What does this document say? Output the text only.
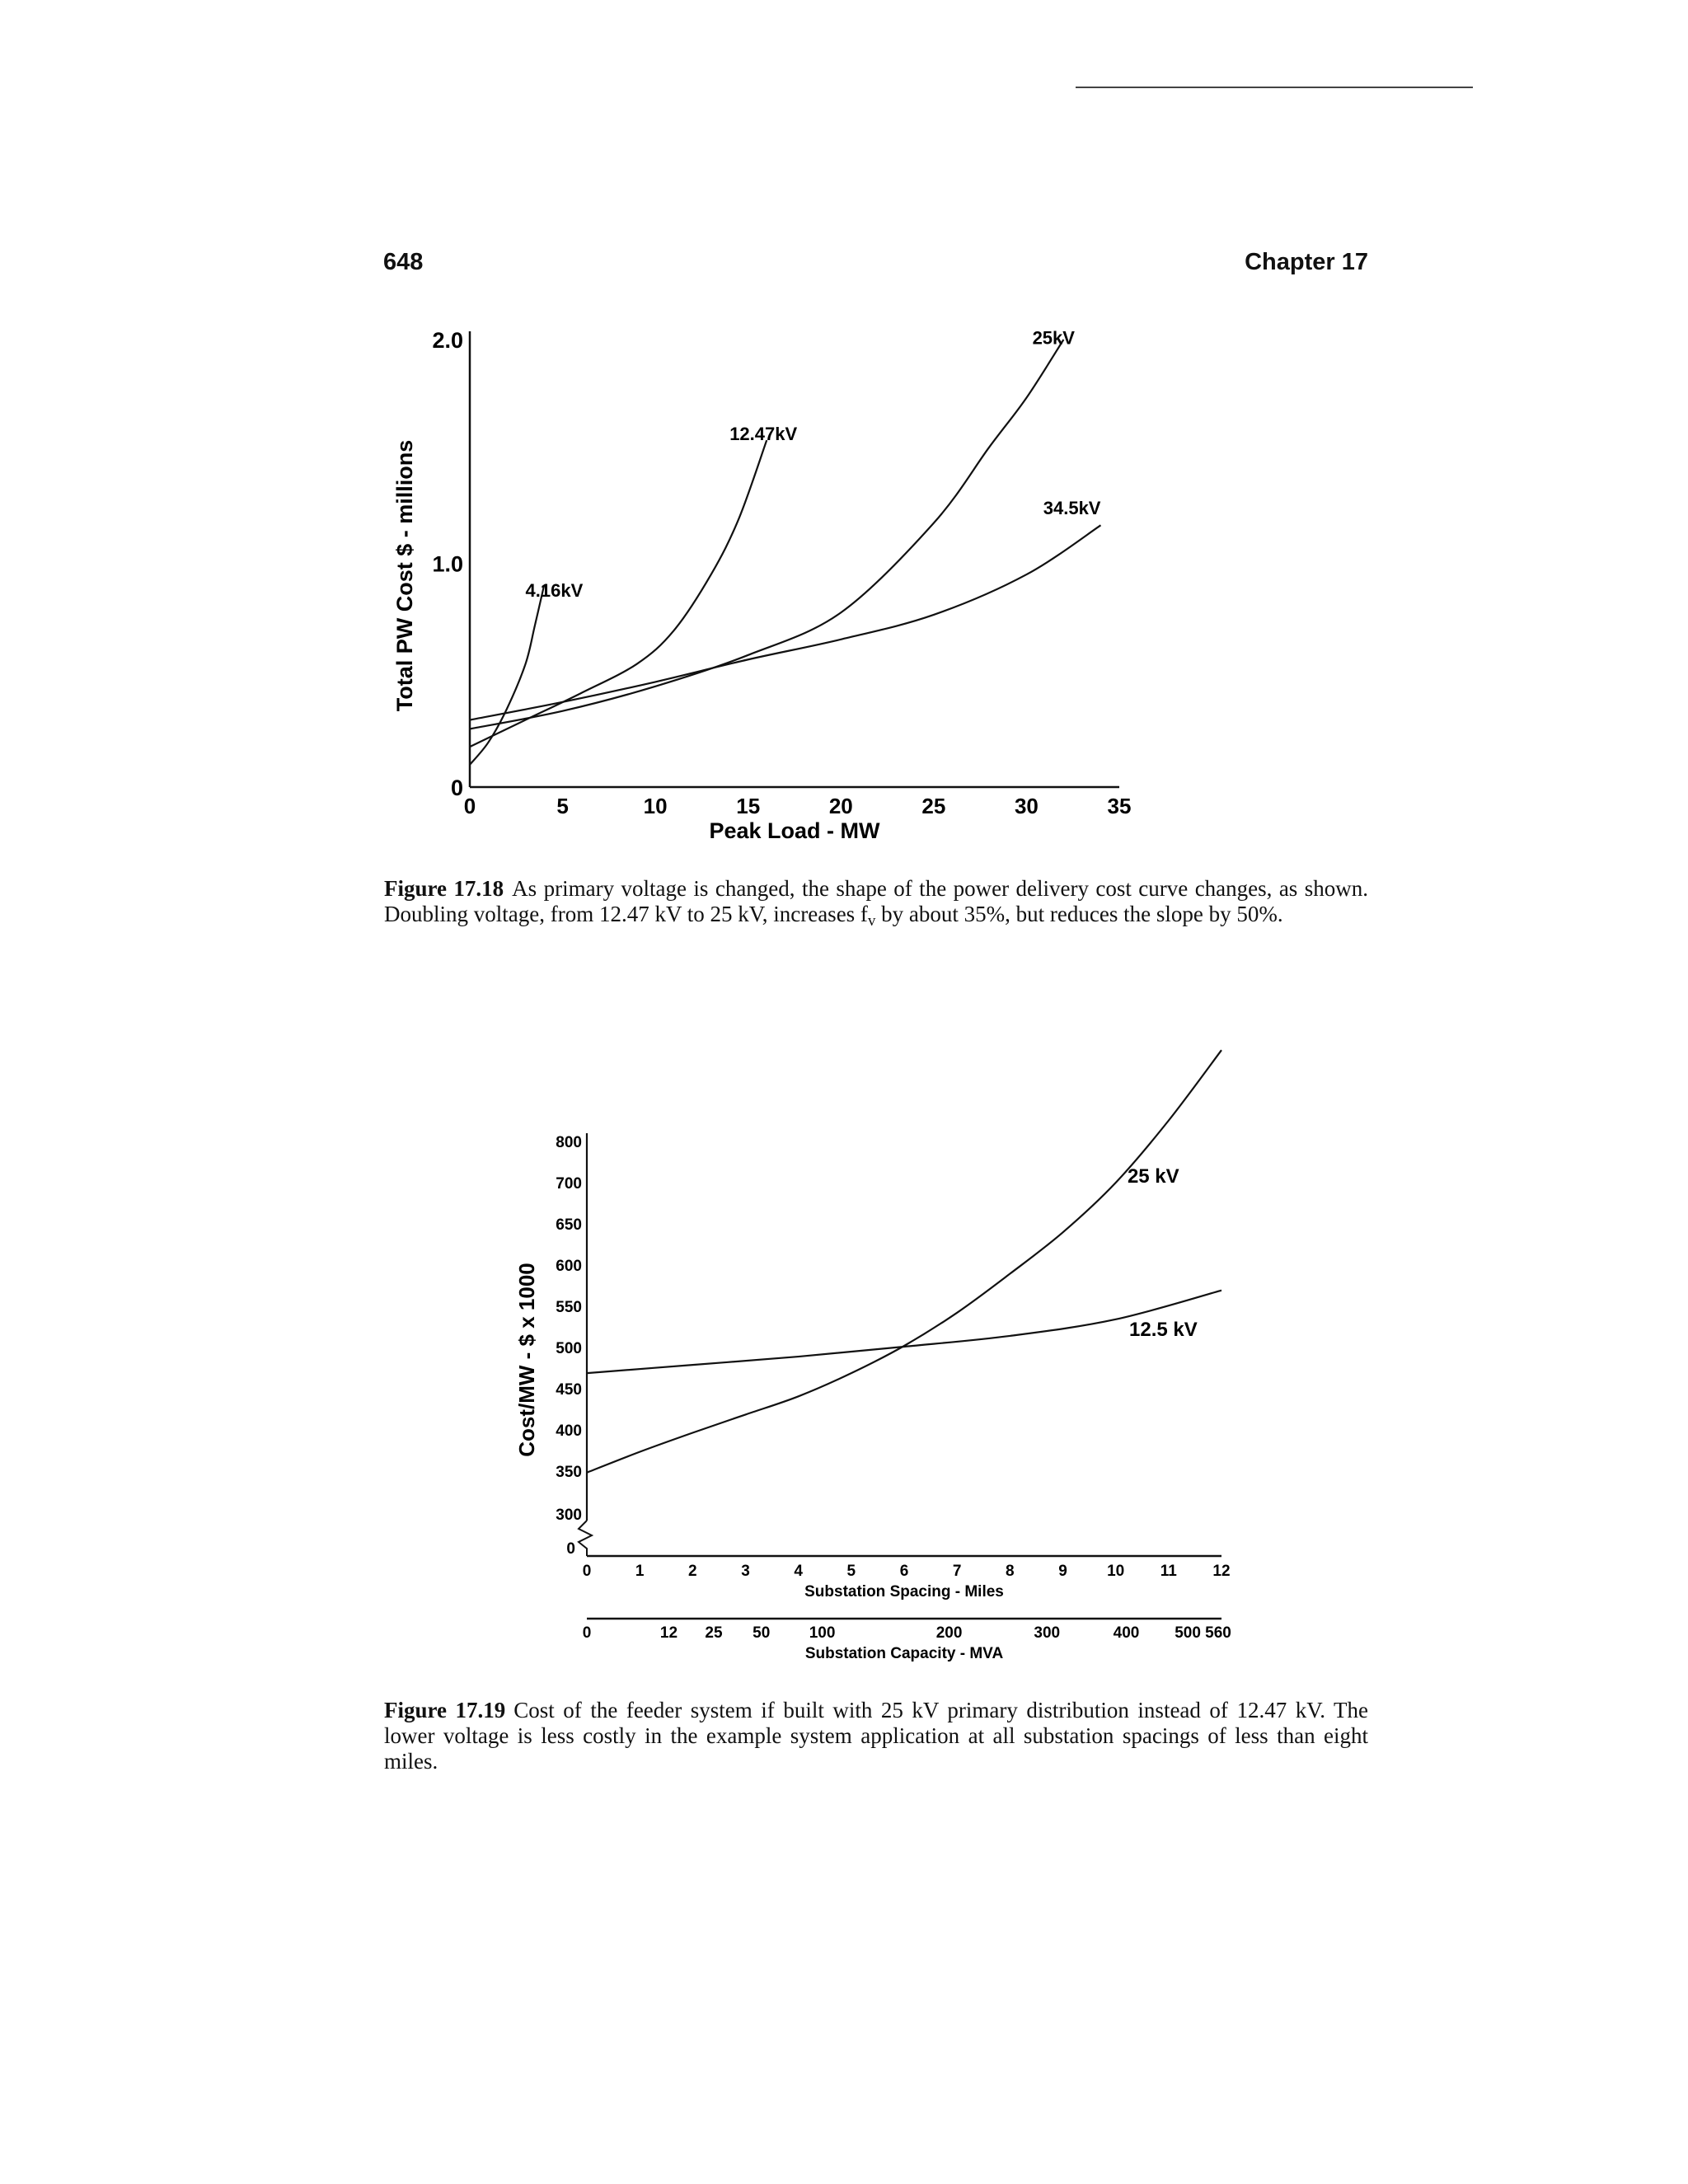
648	Chapter 17
0	5	10	15	20	25	30	35
0
1.0
2.0
Peak Load - MW
Total PW Cost $ - millions	4.16kV
12.47kV
25kV
34.5kV
Figure 17.18 As primary voltage is changed, the shape of the power delivery cost curve changes, as shown. Doubling voltage, from 12.47 kV to 25 kV, increases $f_v$ by about 35%, but reduces the slope by 50%.
300
350
400
450
500
550
600
650
700
800
0
0	1	2	3	4	5	6	7	8	9	10 11 12
Substation Spacing - Miles
0	12 25 50 100	200	300	400 500 560
Substation Capacity - MVA
Cost/MW - $ x 1000
25 kV
12.5 kV
Figure 17.19 Cost of the feeder system if built with 25 kV primary distribution instead of 12.47 kV. The lower voltage is less costly in the example system application at all substation spacings of less than eight miles.
